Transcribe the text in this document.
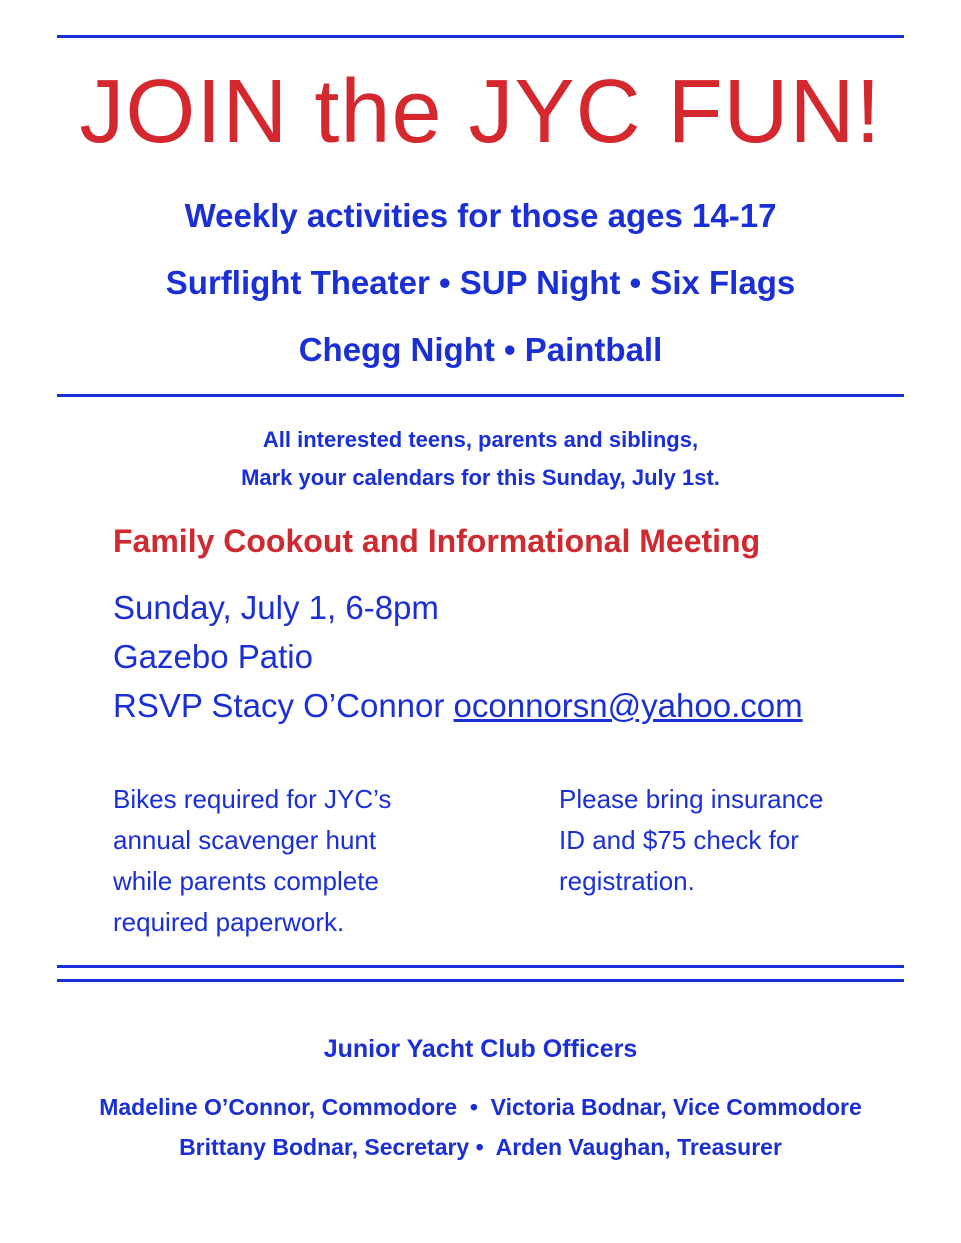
JOIN the JYC FUN!
Weekly activities for those ages 14-17
Surflight Theater • SUP Night • Six Flags
Chegg Night • Paintball
All interested teens, parents and siblings,
Mark your calendars for this Sunday, July 1st.
Family Cookout and Informational Meeting
Sunday, July 1, 6-8pm
Gazebo Patio
RSVP Stacy O’Connor oconnorsn@yahoo.com
Bikes required for JYC’s
annual scavenger hunt
while parents complete
required paperwork.
Please bring insurance
ID and $75 check for
registration.
Junior Yacht Club Officers
Madeline O’Connor, Commodore  •  Victoria Bodnar, Vice Commodore
Brittany Bodnar, Secretary •  Arden Vaughan, Treasurer
